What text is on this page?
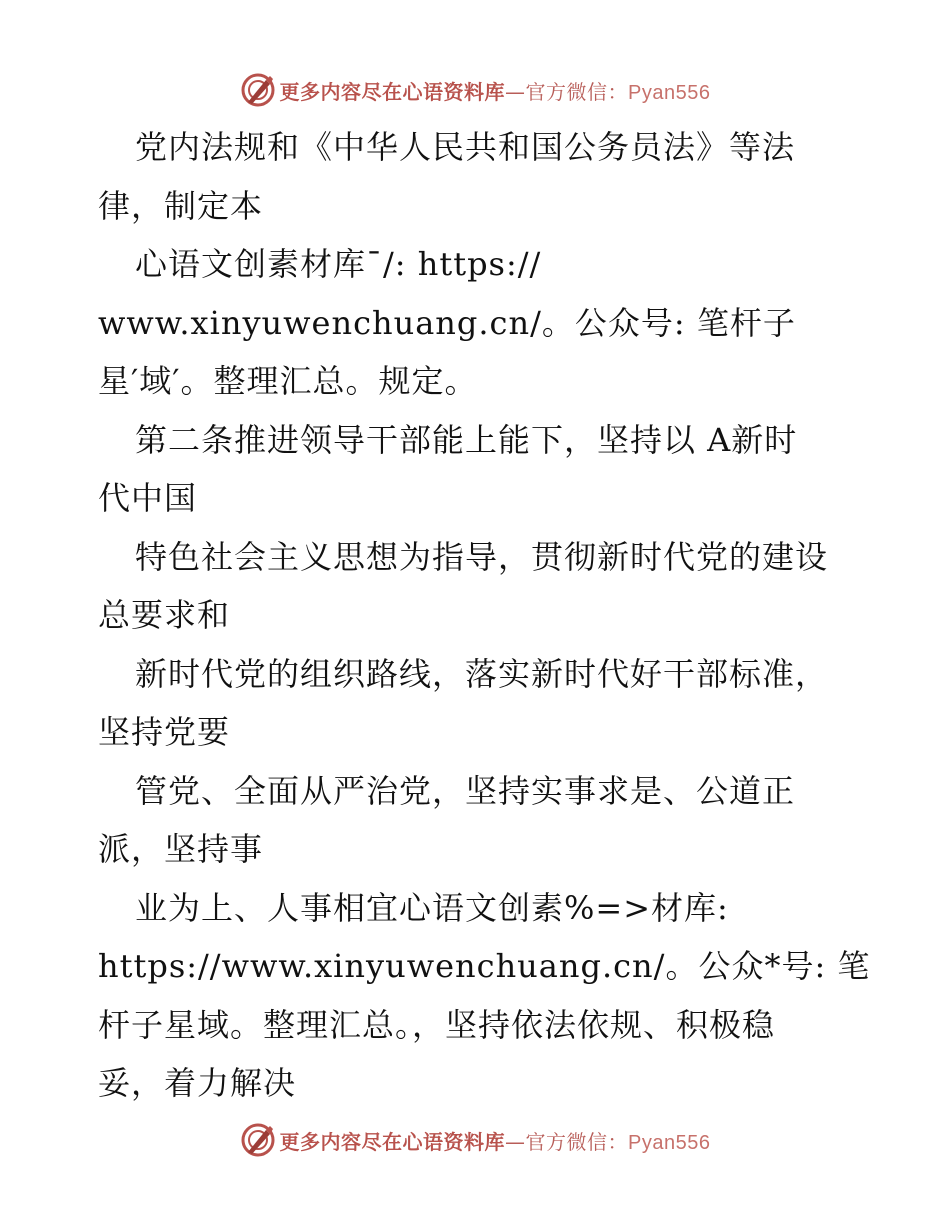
更多内容尽在心语资料库—官方微信：Pyan556
党内法规和《中华人民共和国公务员法》等法
律，制定本
心语文创素材库¯/: https://
www.xinyuwenchuang.cn/。公众号: 笔杆子
星′域′。整理汇总。规定。
第二条推进领导干部能上能下，坚持以 A新时
代中国
特色社会主义思想为指导，贯彻新时代党的建设
总要求和
新时代党的组织路线，落实新时代好干部标准，
坚持党要
管党、全面从严治党，坚持实事求是、公道正
派，坚持事
业为上、人事相宜心语文创素%=>材库:
https://www.xinyuwenchuang.cn/。公众*号: 笔
杆子星域。整理汇总。，坚持依法依规、积极稳
妥，着力解决
更多内容尽在心语资料库—官方微信：Pyan556
